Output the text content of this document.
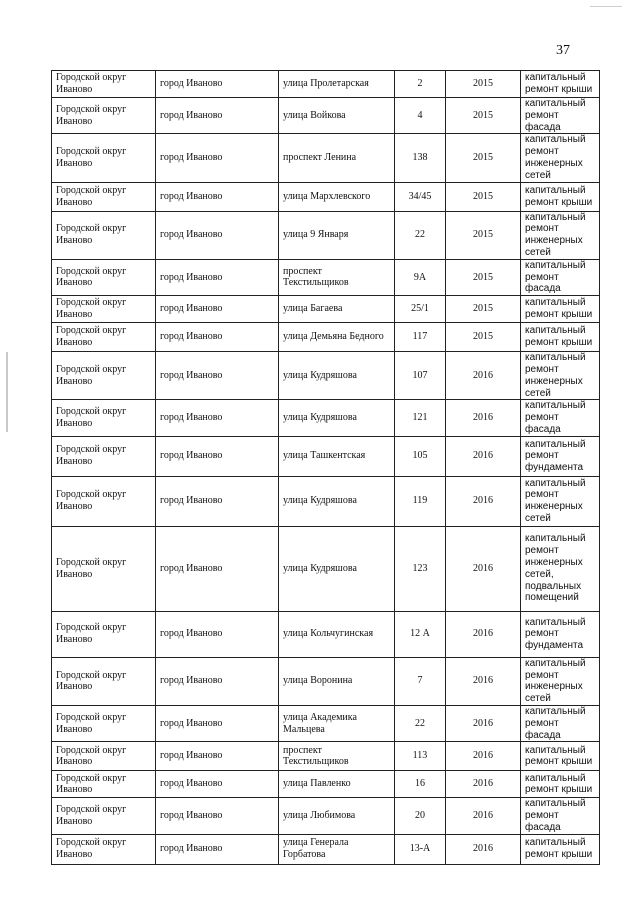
37
Городской округ Иваново	город Иваново	улица Пролетарская	2	2015	капитальный ремонт крыши
Городской округ Иваново	город Иваново	улица Войкова	4	2015	капитальный ремонт фасада
Городской округ Иваново	город Иваново	проспект Ленина	138	2015	капитальный ремонт инженерных сетей
Городской округ Иваново	город Иваново	улица Мархлевского	34/45	2015	капитальный ремонт крыши
Городской округ Иваново	город Иваново	улица 9 Января	22	2015	капитальный ремонт инженерных сетей
Городской округ Иваново	город Иваново	проспект Текстильщиков	9А	2015	капитальный ремонт фасада
Городской округ Иваново	город Иваново	улица Багаева	25/1	2015	капитальный ремонт крыши
Городской округ Иваново	город Иваново	улица Демьяна Бедного	117	2015	капитальный ремонт крыши
Городской округ Иваново	город Иваново	улица Кудряшова	107	2016	капитальный ремонт инженерных сетей
Городской округ Иваново	город Иваново	улица Кудряшова	121	2016	капитальный ремонт фасада
Городской округ Иваново	город Иваново	улица Ташкентская	105	2016	капитальный ремонт фундамента
Городской округ Иваново	город Иваново	улица Кудряшова	119	2016	капитальный ремонт инженерных сетей
Городской округ Иваново	город Иваново	улица Кудряшова	123	2016	капитальный ремонт инженерных сетей, подвальных помещений
Городской округ Иваново	город Иваново	улица Кольчугинская	12 А	2016	капитальный ремонт фундамента
Городской округ Иваново	город Иваново	улица Воронина	7	2016	капитальный ремонт инженерных сетей
Городской округ Иваново	город Иваново	улица Академика Мальцева	22	2016	капитальный ремонт фасада
Городской округ Иваново	город Иваново	проспект Текстильщиков	113	2016	капитальный ремонт крыши
Городской округ Иваново	город Иваново	улица Павленко	16	2016	капитальный ремонт крыши
Городской округ Иваново	город Иваново	улица Любимова	20	2016	капитальный ремонт фасада
Городской округ Иваново	город Иваново	улица Генерала Горбатова	13-А	2016	капитальный ремонт крыши
